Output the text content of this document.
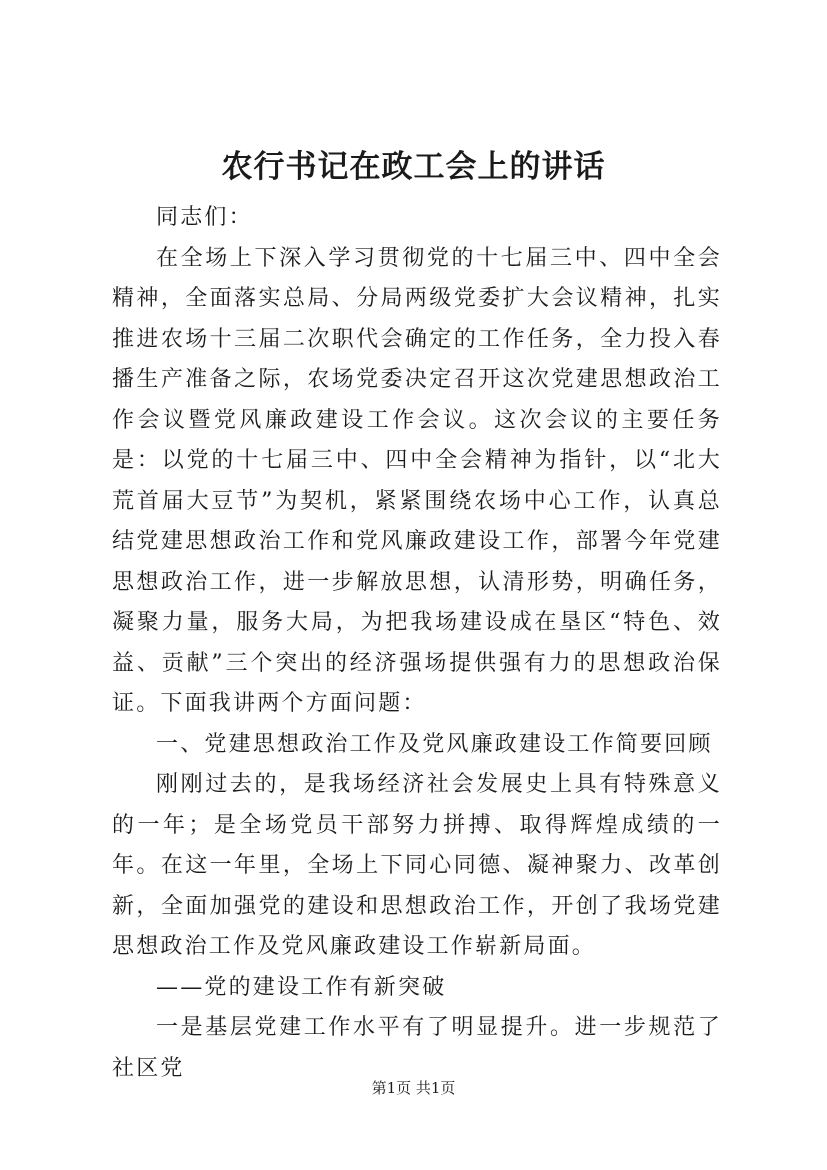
农行书记在政工会上的讲话

同志们：

在全场上下深入学习贯彻党的十七届三中、四中全会精神，全面落实总局、分局两级党委扩大会议精神，扎实推进农场十三届二次职代会确定的工作任务，全力投入春播生产准备之际，农场党委决定召开这次党建思想政治工作会议暨党风廉政建设工作会议。这次会议的主要任务是：以党的十七届三中、四中全会精神为指针，以“北大荒首届大豆节”为契机，紧紧围绕农场中心工作，认真总结党建思想政治工作和党风廉政建设工作，部署今年党建思想政治工作，进一步解放思想，认清形势，明确任务，凝聚力量，服务大局，为把我场建设成在垦区“特色、效益、贡献”三个突出的经济强场提供强有力的思想政治保证。下面我讲两个方面问题：

一、党建思想政治工作及党风廉政建设工作简要回顾

刚刚过去的，是我场经济社会发展史上具有特殊意义的一年；是全场党员干部努力拼搏、取得辉煌成绩的一年。在这一年里，全场上下同心同德、凝神聚力、改革创新，全面加强党的建设和思想政治工作，开创了我场党建思想政治工作及党风廉政建设工作崭新局面。

——党的建设工作有新突破

一是基层党建工作水平有了明显提升。进一步规范了社区党

第1页 共1页
